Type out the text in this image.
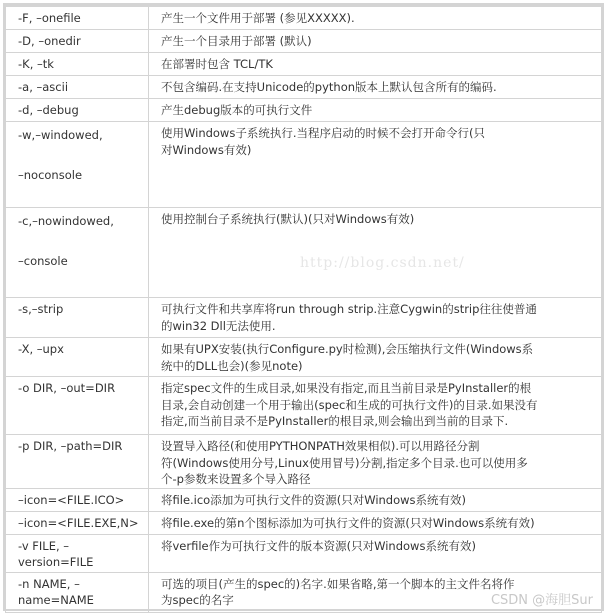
-F, –onefile	产生一个文件用于部署 (参见XXXXX).

-D, –onedir	产生一个目录用于部署 (默认)

-K, –tk	在部署时包含 TCL/TK

-a, –ascii	不包含编码.在支持Unicode的python版本上默认包含所有的编码.

-d, –debug	产生debug版本的可执行文件

-w,–windowed,
–noconsole	使用Windows子系统执行.当程序启动的时候不会打开命令行(只
对Windows有效)

-c,–nowindowed,
–console	使用控制台子系统执行(默认)(只对Windows有效)

-s,–strip	可执行文件和共享库将run through strip.注意Cygwin的strip往往使普通
的win32 Dll无法使用.

-X, –upx	如果有UPX安装(执行Configure.py时检测),会压缩执行文件(Windows系
统中的DLL也会)(参见note)

-o DIR, –out=DIR	指定spec文件的生成目录,如果没有指定,而且当前目录是PyInstaller的根
目录,会自动创建一个用于输出(spec和生成的可执行文件)的目录.如果没有
指定,而当前目录不是PyInstaller的根目录,则会输出到当前的目录下.

-p DIR, –path=DIR	设置导入路径(和使用PYTHONPATH效果相似).可以用路径分割
符(Windows使用分号,Linux使用冒号)分割,指定多个目录.也可以使用多
个-p参数来设置多个导入路径

–icon=<FILE.ICO>	将file.ico添加为可执行文件的资源(只对Windows系统有效)

–icon=<FILE.EXE,N>	将file.exe的第n个图标添加为可执行文件的资源(只对Windows系统有效)

-v FILE, –
version=FILE	将verfile作为可执行文件的版本资源(只对Windows系统有效)

-n NAME, –
name=NAME	可选的项目(产生的spec的)名字.如果省略,第一个脚本的主文件名将作
为spec的名字
http://blog.csdn.net/
CSDN @海胆Sur
